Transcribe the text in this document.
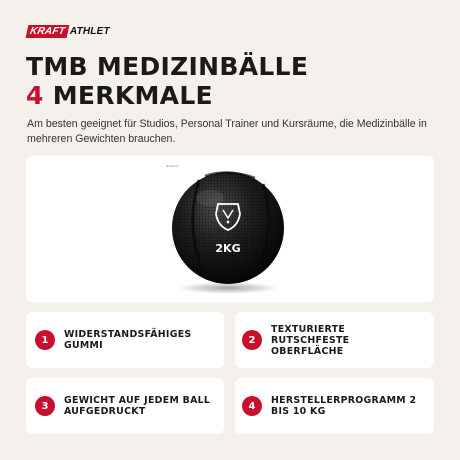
KRAFT ATHLET
TMB MEDIZINBÄLLE
4 MERKMALE

Am besten geeignet für Studios, Personal Trainer und Kursräume, die Medizinbälle in mehreren Gewichten brauchen.

Ballform
2KG
1	WIDERSTANDSFÄHIGES GUMMI	2
TEXTURIERTE RUTSCHFESTE OBERFLÄCHE
3	GEWICHT AUF JEDEM BALL AUFGEDRUCKT	4	HERSTELLERPROGRAMM 2 BIS 10 KG
